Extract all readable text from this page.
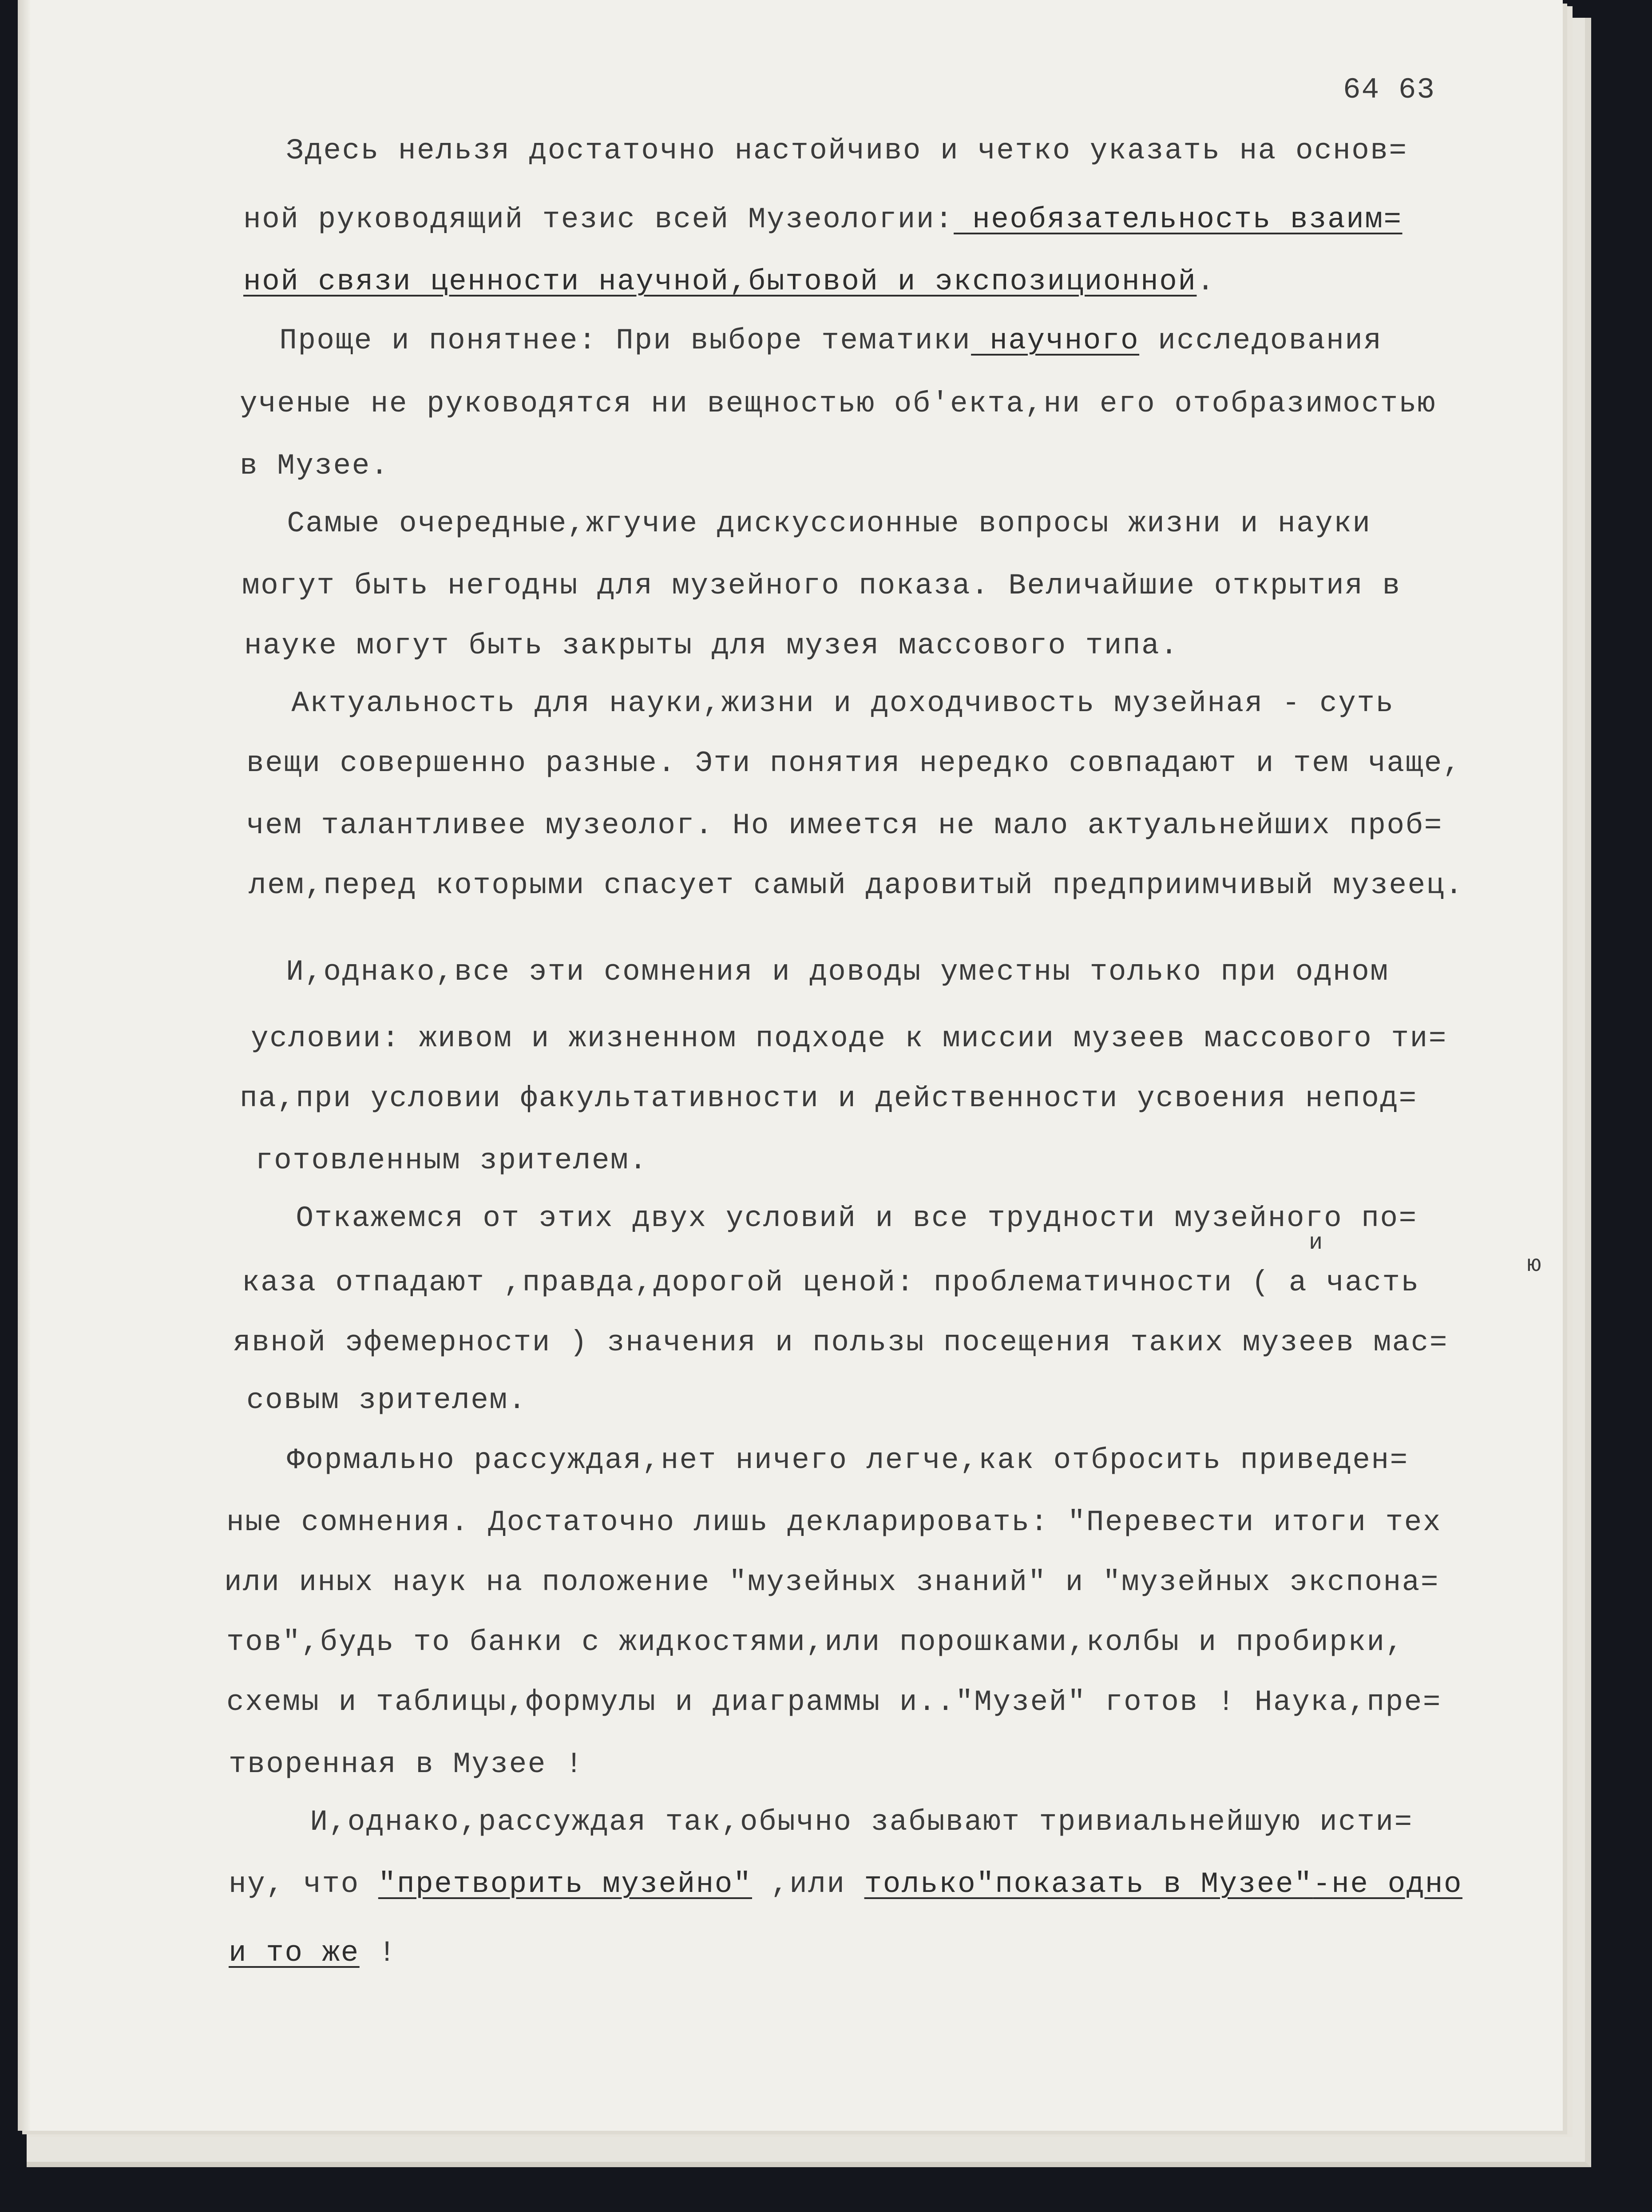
64 63
Здесь нельзя достаточно настойчиво и четко указать на основ=
ной руководящий тезис всей Музеологии: необязательность взаим=
ной связи ценности научной,бытовой и экспозиционной.
Проще и понятнее: При выборе тематики научного исследования
ученые не руководятся ни вещностью об'екта,ни его отобразимостью
в Музее.
Самые очередные,жгучие дискуссионные вопросы жизни и науки
могут быть негодны для музейного показа. Величайшие открытия в
науке могут быть закрыты для музея массового типа.
Актуальность для науки,жизни и доходчивость музейная - суть
вещи совершенно разные. Эти понятия нередко совпадают и тем чаще,
чем талантливее музеолог. Но имеется не мало актуальнейших проб=
лем,перед которыми спасует самый даровитый предприимчивый музеец.
И,однако,все эти сомнения и доводы уместны только при одном
условии: живом и жизненном подходе к миссии музеев массового ти=
па,при условии факультативности и действенности усвоения непод=
готовленным зрителем.
Откажемся от этих двух условий и все трудности музейного по=
и
каза отпадают ,правда,дорогой ценой: проблематичности ( а часть
ю
явной эфемерности ) значения и пользы посещения таких музеев мас=
совым зрителем.
Формально рассуждая,нет ничего легче,как отбросить приведен=
ные сомнения. Достаточно лишь декларировать: "Перевести итоги тех
или иных наук на положение "музейных знаний" и "музейных экспона=
тов",будь то банки с жидкостями,или порошками,колбы и пробирки,
схемы и таблицы,формулы и диаграммы и.."Музей" готов ! Наука,пре=
творенная в Музее !
И,однако,рассуждая так,обычно забывают тривиальнейшую исти=
ну, что "претворить музейно" ,или только"показать в Музее"-не одно
и то же !
